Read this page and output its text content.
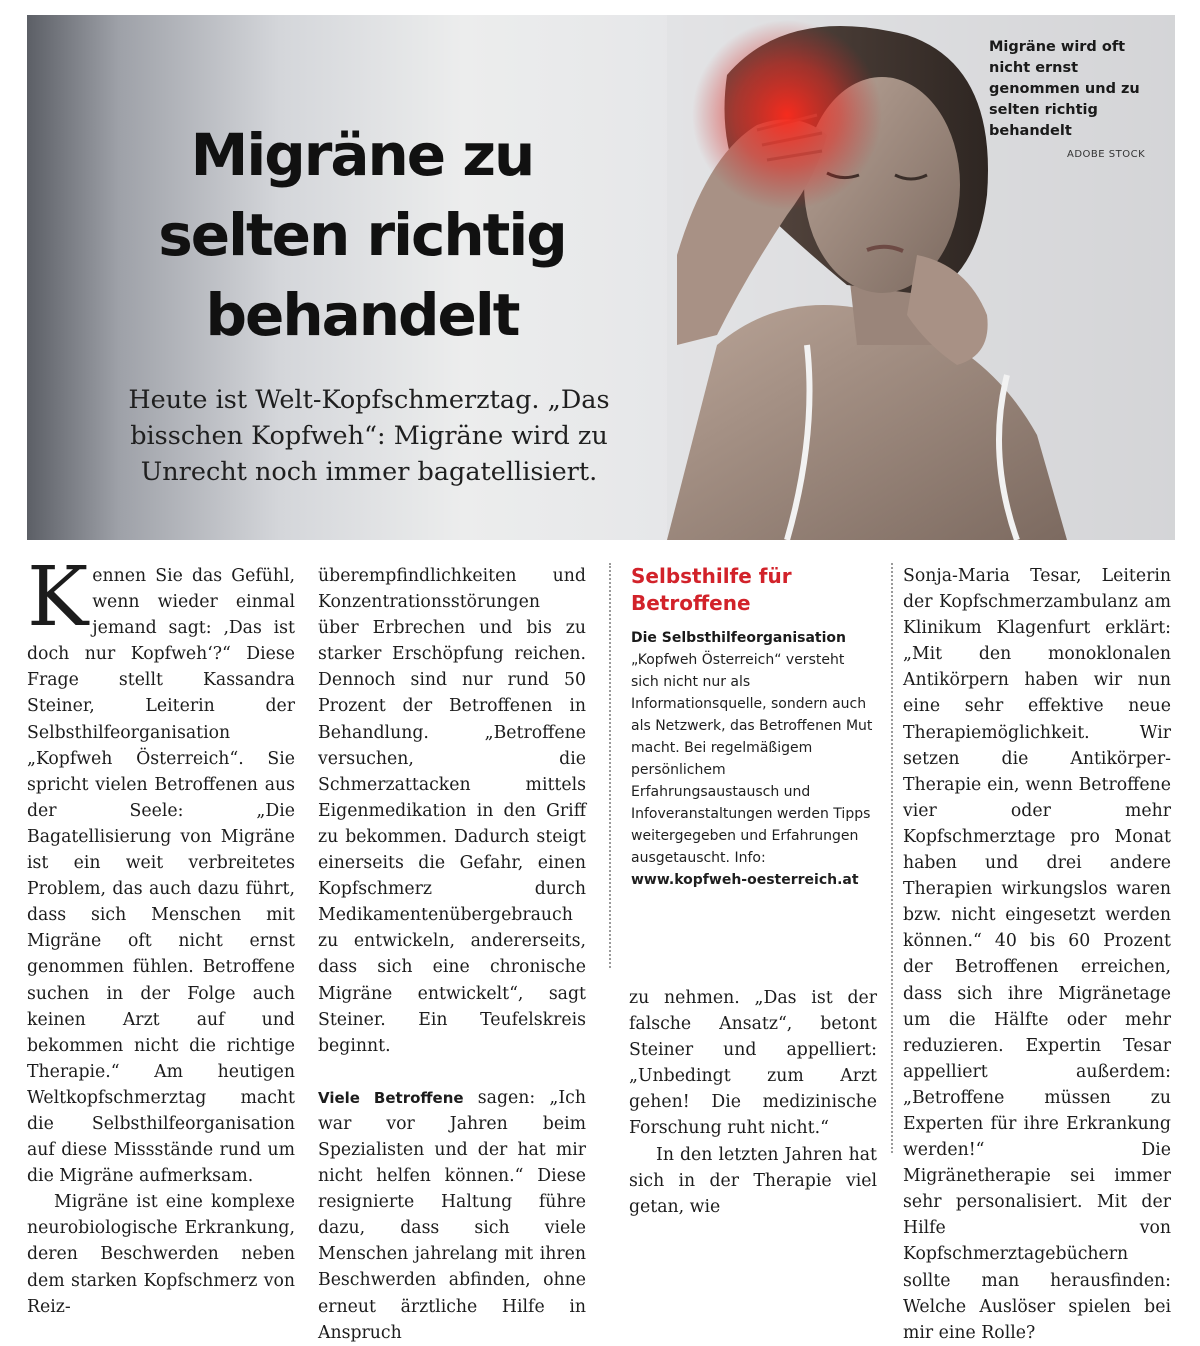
Migräne zu selten richtig behandelt

Heute ist Welt-Kopfschmerztag. „Das bisschen Kopfweh“: Migräne wird zu Unrecht noch immer bagatellisiert.

Migräne wird oft nicht ernst genommen und zu selten richtig behandelt

ADOBE STOCK

Kennen Sie das Gefühl, wenn wieder einmal jemand sagt: ‚Das ist doch nur Kopfweh‘?“ Diese Frage stellt Kassandra Steiner, Leiterin der Selbsthilfeorganisation „Kopfweh Österreich“. Sie spricht vielen Betroffenen aus der Seele: „Die Bagatellisierung von Migräne ist ein weit verbreitetes Problem, das auch dazu führt, dass sich Menschen mit Migräne oft nicht ernst genommen fühlen. Betroffene suchen in der Folge auch keinen Arzt auf und bekommen nicht die richtige Therapie.“ Am heutigen Weltkopfschmerztag macht die Selbsthilfeorganisation auf diese Missstände rund um die Migräne aufmerksam.

Migräne ist eine komplexe neurobiologische Erkrankung, deren Beschwerden neben dem starken Kopfschmerz von Reiz-

überempfindlichkeiten und Konzentrationsstörungen über Erbrechen und bis zu starker Erschöpfung reichen. Dennoch sind nur rund 50 Prozent der Betroffenen in Behandlung. „Betroffene versuchen, die Schmerzattacken mittels Eigenmedikation in den Griff zu bekommen. Dadurch steigt einerseits die Gefahr, einen Kopfschmerz durch Medikamentenübergebrauch zu entwickeln, andererseits, dass sich eine chronische Migräne entwickelt“, sagt Steiner. Ein Teufelskreis beginnt.

Viele Betroffene sagen: „Ich war vor Jahren beim Spezialisten und der hat mir nicht helfen können.“ Diese resignierte Haltung führe dazu, dass sich viele Menschen jahrelang mit ihren Beschwerden abfinden, ohne erneut ärztliche Hilfe in Anspruch

Selbsthilfe für Betroffene

Die Selbsthilfeorganisation

„Kopfweh Österreich“ versteht sich nicht nur als Informationsquelle, sondern auch als Netzwerk, das Betroffenen Mut macht. Bei regelmäßigem persönlichem Erfahrungsaustausch und Infoveranstaltungen werden Tipps weitergegeben und Erfahrungen ausgetauscht. Info: www.kopfweh-oesterreich.at

zu nehmen. „Das ist der falsche Ansatz“, betont Steiner und appelliert: „Unbedingt zum Arzt gehen! Die medizinische Forschung ruht nicht.“

In den letzten Jahren hat sich in der Therapie viel getan, wie

Sonja-Maria Tesar, Leiterin der Kopfschmerzambulanz am Klinikum Klagenfurt erklärt: „Mit den monoklonalen Antikörpern haben wir nun eine sehr effektive neue Therapiemöglichkeit. Wir setzen die Antikörper-Therapie ein, wenn Betroffene vier oder mehr Kopfschmerztage pro Monat haben und drei andere Therapien wirkungslos waren bzw. nicht eingesetzt werden können.“ 40 bis 60 Prozent der Betroffenen erreichen, dass sich ihre Migränetage um die Hälfte oder mehr reduzieren. Expertin Tesar appelliert außerdem: „Betroffene müssen zu Experten für ihre Erkrankung werden!“ Die Migränetherapie sei immer sehr personalisiert. Mit der Hilfe von Kopfschmerztagebüchern sollte man herausfinden: Welche Auslöser spielen bei mir eine Rolle?
